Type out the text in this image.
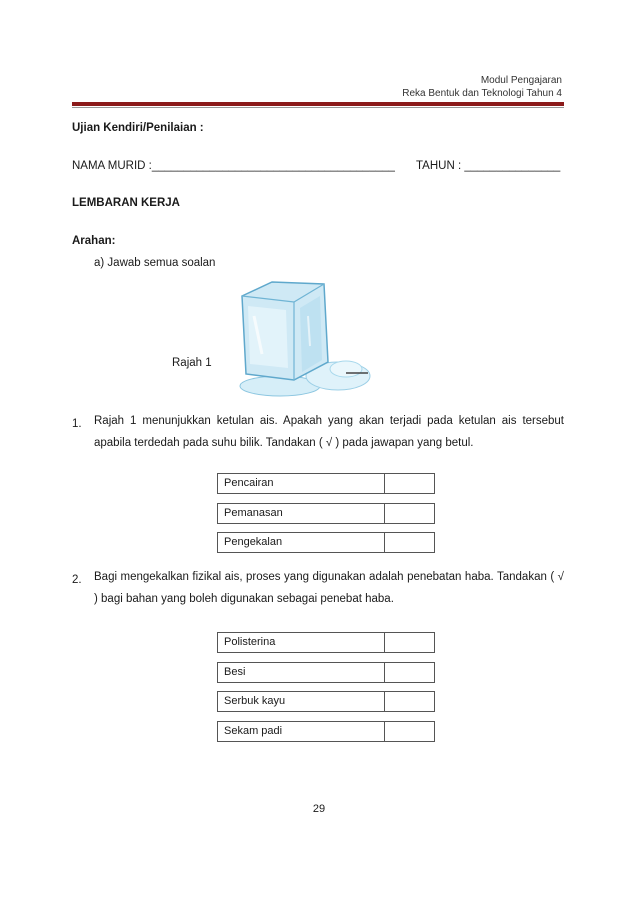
Modul Pengajaran
Reka Bentuk dan Teknologi Tahun 4
Ujian Kendiri/Penilaian :
NAMA MURID :______________________________________ TAHUN : _______________
LEMBARAN KERJA
Arahan:
a) Jawab semua soalan
Rajah 1
1. Rajah 1 menunjukkan ketulan ais. Apakah yang akan terjadi pada ketulan ais tersebut apabila terdedah pada suhu bilik. Tandakan ( √ ) pada jawapan yang betul.
Pencairan
Pemanasan
Pengekalan
2. Bagi mengekalkan fizikal ais, proses yang digunakan adalah penebatan haba. Tandakan ( √ ) bagi bahan yang boleh digunakan sebagai penebat haba.
Polisterina
Besi
Serbuk kayu
Sekam padi
29
